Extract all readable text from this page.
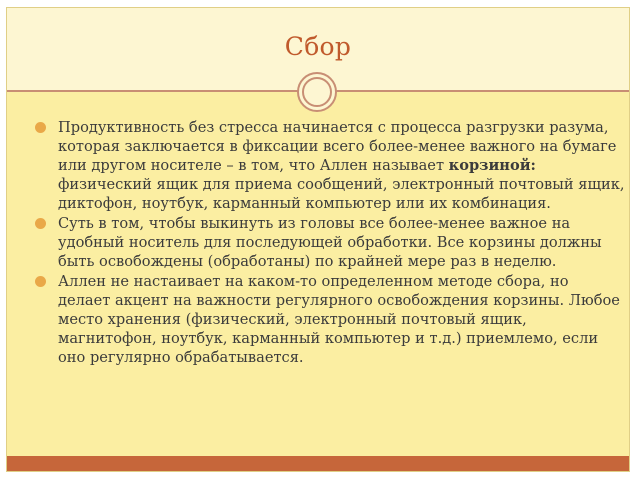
Сбор
Продуктивность без стресса начинается с процесса разгрузки разума, которая заключается в фиксации всего более-менее важного на бумаге или другом носителе – в том, что Аллен называет корзиной: физический ящик для приема сообщений, электронный почтовый ящик, диктофон, ноутбук, карманный компьютер или их комбинация.
Суть в том, чтобы выкинуть из головы все более-менее важное на удобный носитель для последующей обработки. Все корзины должны быть освобождены (обработаны) по крайней мере раз в неделю.
Аллен не настаивает на каком-то определенном методе сбора, но делает акцент на важности регулярного освобождения корзины. Любое место хранения (физический, электронный почтовый ящик, магнитофон, ноутбук, карманный компьютер и т.д.) приемлемо, если оно регулярно обрабатывается.
